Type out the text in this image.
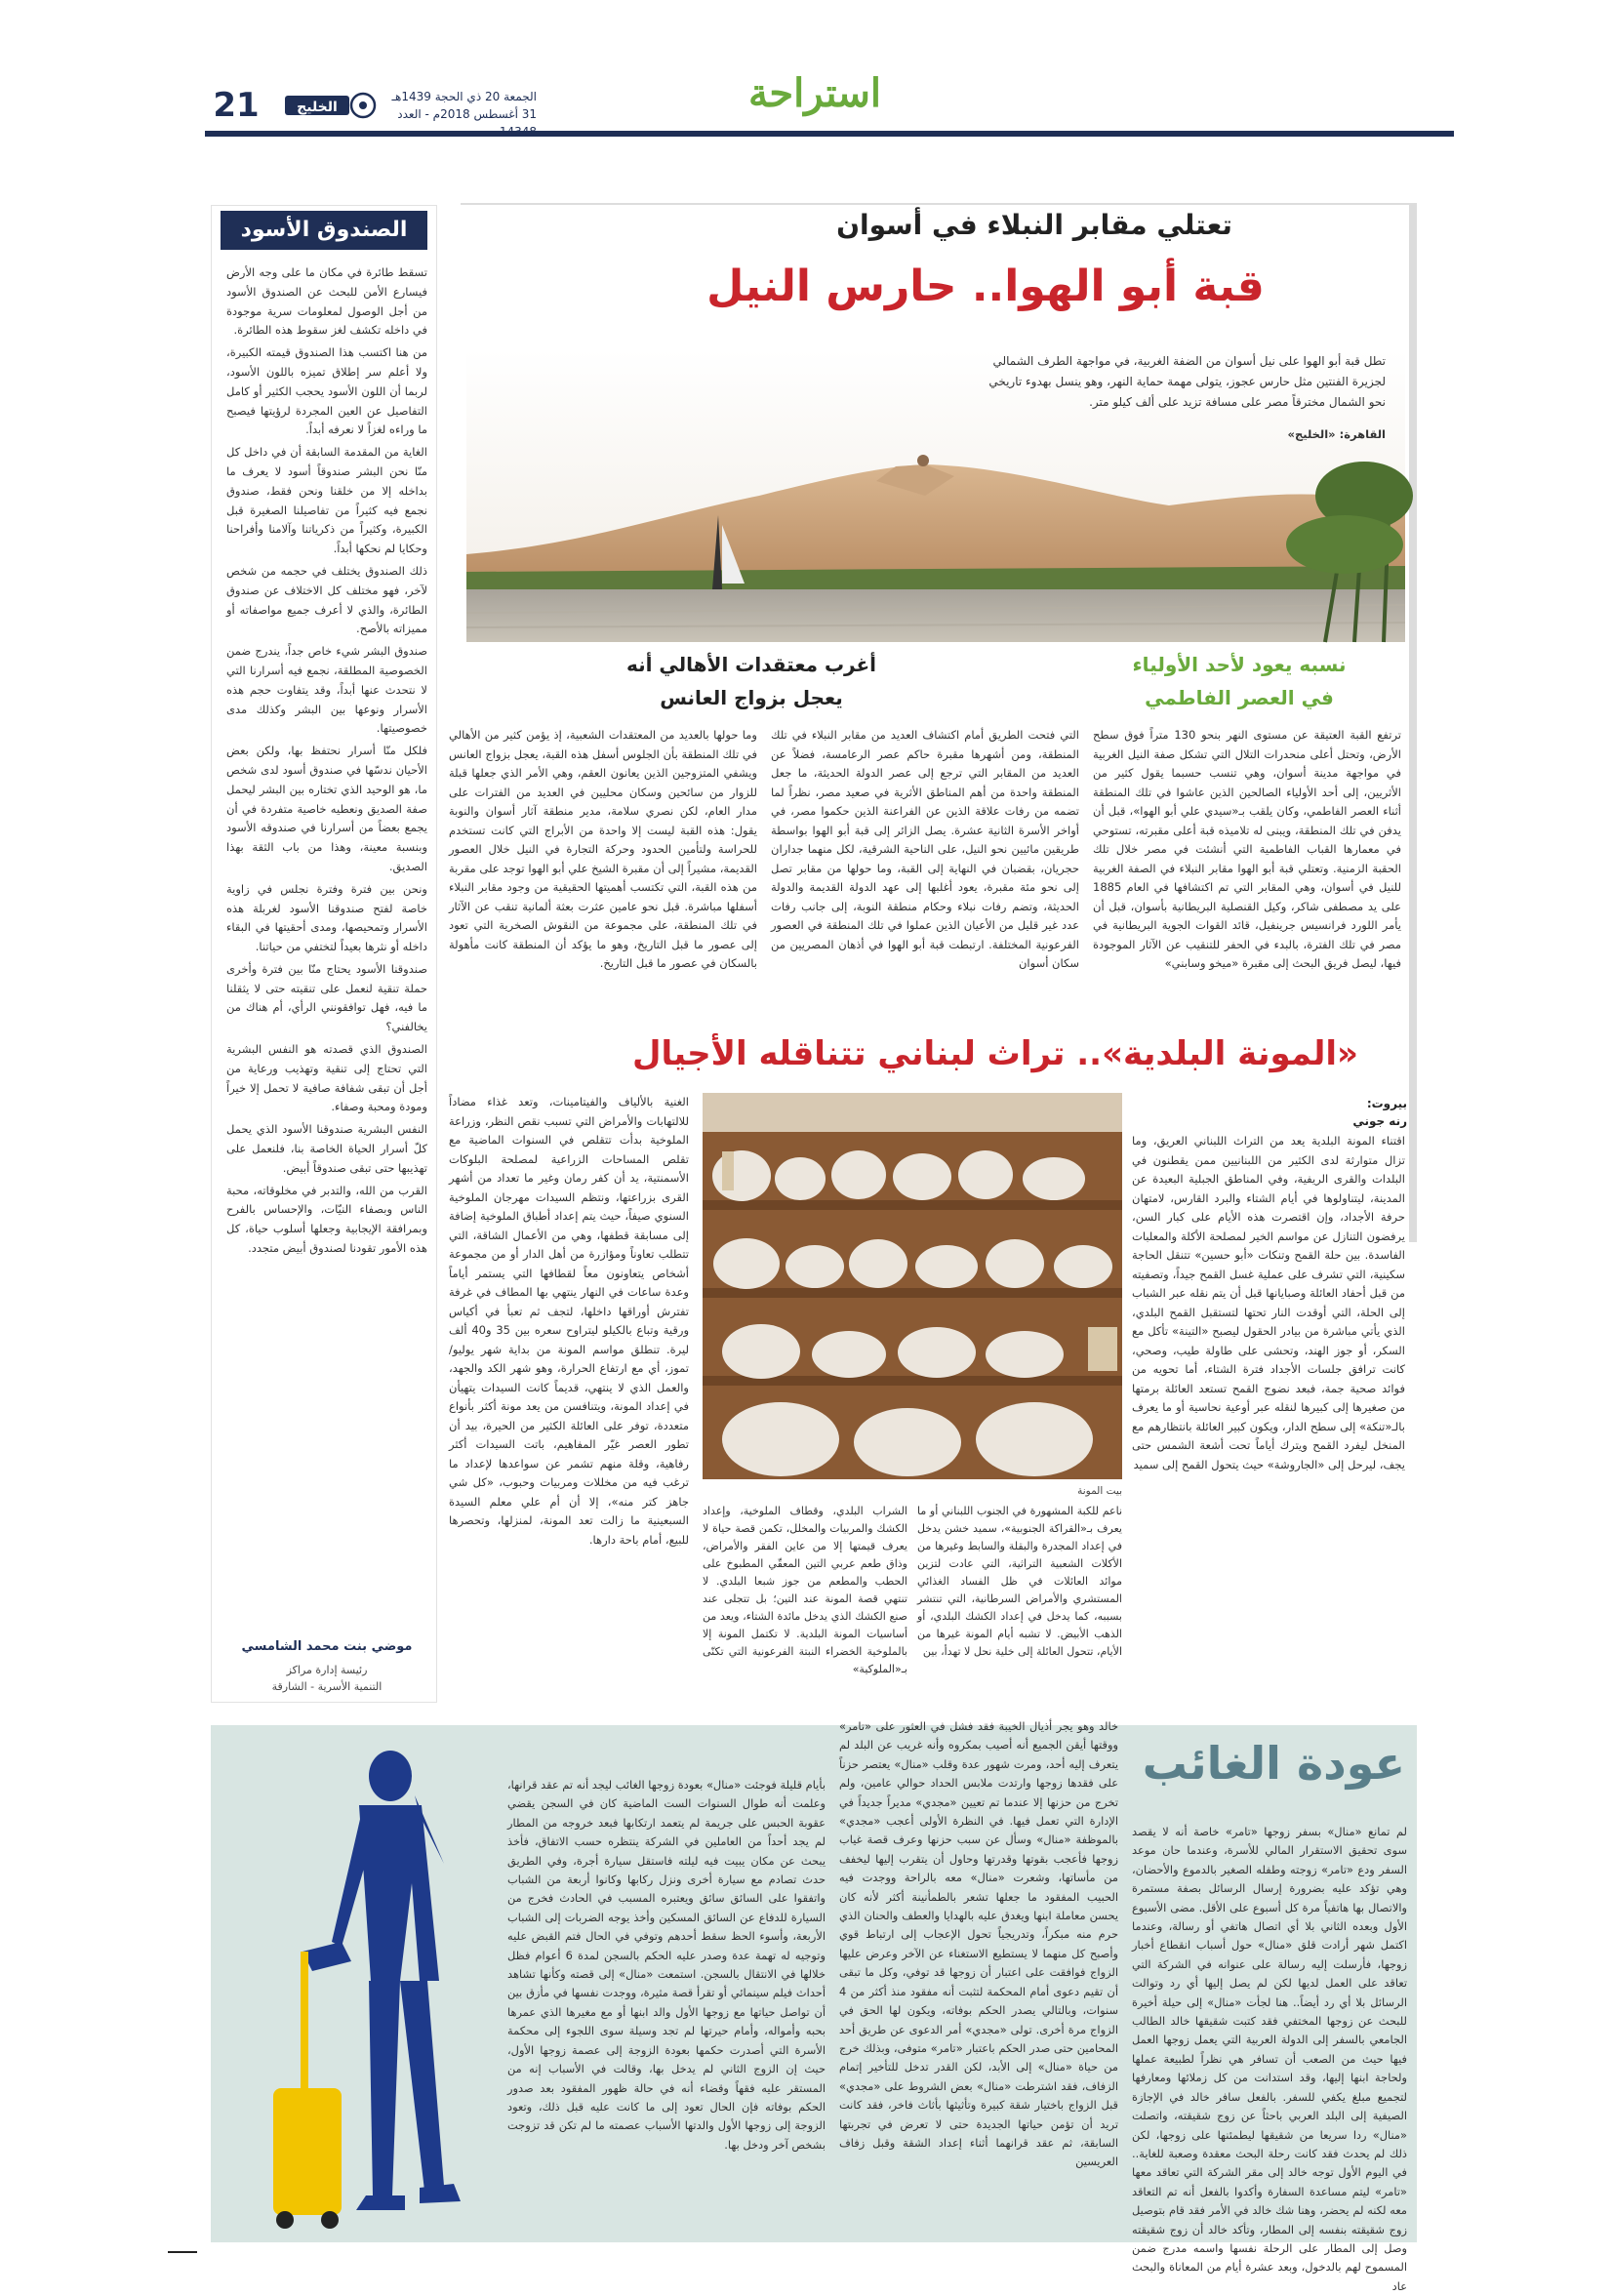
21	الخليج
الجمعة 20 ذي الحجة 1439هـ
31 أغسطس 2018م - العدد 14348
استراحة
الصندوق الأسود

تسقط طائرة في مكان ما على وجه الأرض فيسارع الأمن للبحث عن الصندوق الأسود من أجل الوصول لمعلومات سرية موجودة في داخله تكشف لغز سقوط هذه الطائرة.

من هنا اكتسب هذا الصندوق قيمته الكبيرة، ولا أعلم سر إطلاق تميزه باللون الأسود، لربما أن اللون الأسود يحجب الكثير أو كامل التفاصيل عن العين المجردة لرؤيتها فيصبح ما وراءه لغزاً لا نعرفه أبداً.

الغاية من المقدمة السابقة أن في داخل كل منّا نحن البشر صندوقاً أسود لا يعرف ما بداخله إلا من خلقنا ونحن فقط، صندوق نجمع فيه كثيراً من تفاصيلنا الصغيرة قبل الكبيرة، وكثيراً من ذكرياتنا وآلامنا وأفراحنا وحكايا لم نحكها أبداً.

ذلك الصندوق يختلف في حجمه من شخص لآخر، فهو مختلف كل الاختلاف عن صندوق الطائرة، والذي لا أعرف جميع مواصفاته أو مميزاته بالأصح.

صندوق البشر شيء خاص جداً، يندرج ضمن الخصوصية المطلقة، نجمع فيه أسرارنا التي لا نتحدث عنها أبداً، وقد يتفاوت حجم هذه الأسرار ونوعها بين البشر وكذلك مدى خصوصيتها.

فلكل منّا أسرار نحتفظ بها، ولكن بعض الأحيان ندسّها في صندوق أسود لدى شخص ما، هو الوحيد الذي تختاره بين البشر ليحمل صفة الصديق ونعطيه خاصية متفردة في أن يجمع بعضاً من أسرارنا في صندوقه الأسود وبنسبة معينة، وهذا من باب الثقة بهذا الصديق.

ونحن بين فترة وفترة نجلس في زاوية خاصة لفتح صندوقنا الأسود لغربلة هذه الأسرار وتمحيصها، ومدى أحقيتها في البقاء داخله أو نثرها بعيداً لتختفي من حياتنا.

صندوقنا الأسود يحتاج منّا بين فترة وأخرى حملة تنقية لنعمل على تنقيته حتى لا يثقلنا ما فيه، فهل توافقونني الرأي، أم هناك من يخالفني؟

الصندوق الذي قصدته هو النفس البشرية التي تحتاج إلى تنقية وتهذيب ورعاية من أجل أن تبقى شفافة صافية لا تحمل إلا خيراً ومودة ومحبة وصفاء.

النفس البشرية صندوقنا الأسود الذي يحمل كلّ أسرار الحياة الخاصة بنا، فلنعمل على تهذيبها حتى تبقى صندوقاً أبيض.

القرب من الله، والتدبر في مخلوقاته، محبة الناس وبصفاء النيّات، والإحساس بالفرح وبمرافقة الإيجابية وجعلها أسلوب حياة، كل هذه الأمور تقودنا لصندوق أبيض متجدد.

موضي بنت محمد الشامسي
رئيسة إدارة مراكز
التنمية الأسرية - الشارقة
تعتلي مقابر النبلاء في أسوان
قبة أبو الهوا.. حارس النيل
تطل قبة أبو الهوا على نيل أسوان من الضفة الغربية، في مواجهة الطرف الشمالي لجزيرة الفنتين مثل حارس عجوز، يتولى مهمة حماية النهر، وهو ينسل بهدوء تاريخي نحو الشمال مخترقاً مصر على مسافة تزيد على ألف كيلو متر.
القاهرة: «الخليج»
نسبه يعود لأحد الأولياء
في العصر الفاطمي
أغرب معتقدات الأهالي أنه
يعجل بزواج العانس
ترتفع القبة العتيقة عن مستوى النهر بنحو 130 متراً فوق سطح الأرض، وتحتل أعلى منحدرات التلال التي تشكل صفة النيل الغربية في مواجهة مدينة أسوان، وهي تنسب حسبما يقول كثير من الأثريين، إلى أحد الأولياء الصالحين الذين عاشوا في تلك المنطقة أثناء العصر الفاطمي، وكان يلقب بـ«سيدي علي أبو الهوا»، قبل أن يدفن في تلك المنطقة، ويبنى له تلاميذه قبة أعلى مقبرته، تستوحي في معمارها القباب الفاطمية التي أنشئت في مصر خلال تلك الحقبة الزمنية. وتعتلي قبة أبو الهوا مقابر النبلاء في الصفة الغربية للنيل في أسوان، وهي المقابر التي تم اكتشافها في العام 1885 على يد مصطفى شاكر، وكيل القنصلية البريطانية بأسوان، قبل أن يأمر اللورد فرانسيس جرينفيل، قائد القوات الجوية البريطانية في مصر في تلك الفترة، بالبدء في الحفر للتنقيب عن الآثار الموجودة فيها، ليصل فريق البحث إلى مقبرة «ميخو وسابني»
التي فتحت الطريق أمام اكتشاف العديد من مقابر النبلاء في تلك المنطقة، ومن أشهرها مقبرة حاكم عصر الرعامسة، فضلاً عن العديد من المقابر التي ترجع إلى عصر الدولة الحديثة، ما جعل المنطقة واحدة من أهم المناطق الأثرية في صعيد مصر، نظراً لما تضمه من رفات علاقة الذين عن الفراعنة الذين حكموا مصر، في أواخر الأسرة الثانية عشرة. يصل الزائر إلى قبة أبو الهوا بواسطة طريقين مائيين نحو النيل، على الناحية الشرقية، لكل منهما جداران حجريان، بقضبان في النهاية إلى القبة، وما حولها من مقابر تصل إلى نحو مئة مقبرة، يعود أغلبها إلى عهد الدولة القديمة والدولة الحديثة، وتضم رفات نبلاء وحكام منطقة النوبة، إلى جانب رفات عدد غير قليل من الأعيان الذين عملوا في تلك المنطقة في العصور الفرعونية المختلفة. ارتبطت قبة أبو الهوا في أذهان المصريين من سكان أسوان
وما حولها بالعديد من المعتقدات الشعبية، إذ يؤمن كثير من الأهالي في تلك المنطقة بأن الجلوس أسفل هذه القبة، يعجل بزواج العانس ويشفي المتزوجين الذين يعانون العقم، وهي الأمر الذي جعلها قبلة للزوار من سائحين وسكان محليين في العديد من الفترات على مدار العام، لكن نصري سلامة، مدير منطقة آثار أسوان والنوبة يقول: هذه القبة ليست إلا واحدة من الأبراج التي كانت تستخدم للحراسة ولتأمين الحدود وحركة التجارة في النيل خلال العصور القديمة، مشيراً إلى أن مقبرة الشيخ علي أبو الهوا توجد على مقربة من هذه القبة، التي تكتسب أهميتها الحقيقية من وجود مقابر النبلاء أسفلها مباشرة. قبل نحو عامين عثرت بعثة ألمانية تنقب عن الآثار في تلك المنطقة، على مجموعة من النقوش الصخرية التي تعود إلى عصور ما قبل التاريخ، وهو ما يؤكد أن المنطقة كانت مأهولة بالسكان في عصور ما قبل التاريخ.
«المونة البلدية».. تراث لبناني تتناقله الأجيال
بيروت:
رنه جوني
بيت المونة
اقتناء المونة البلدية يعد من التراث اللبناني العريق، وما تزال متوارثة لدى الكثير من اللبنانيين ممن يقطنون في البلدات والقرى الريفية، وفي المناطق الجبلية البعيدة عن المدينة، ليتناولوها في أيام الشتاء والبرد القارس، لامتهان حرفة الأجداد، وإن اقتصرت هذه الأيام على كبار السن، يرفضون التنازل عن مواسم الخير لمصلحة الأكلة والمعلبات الفاسدة. بين حلة القمح وتنكات «أبو حسين» تتنقل الحاجة سكينية، التي تشرف على عملية غسل القمح جيداً، وتصفيته من قبل أحفاد العائلة وصبايانها قبل أن يتم نقله عبر الشباب إلى الحلة، التي أوقدت النار تحتها لتستقبل القمح البلدي، الذي يأتي مباشرة من بيادر الحقول ليصبح «التينة» تأكل مع السكر، أو جوز الهند، وتحشى على طاولة طيب، وصحي، كانت ترافق جلسات الأجداد فترة الشتاء، أما تحويه من فوائد صحية جمة، فبعد نضوج القمح تستعد العائلة برمتها من صغيرها إلى كبيرها لنقله عبر أوعية نحاسية أو ما يعرف بالـ«تنكة» إلى سطح الدار، ويكون كبير العائلة بانتظارهم مع المنخل ليفرد القمح ويترك أياماً تحت أشعة الشمس حتى يجف، ليرحل إلى «الجاروشة» حيث يتحول القمح إلى سميد
ناعم للكبة المشهورة في الجنوب اللبناني أو ما يعرف بـ«القراكة الجنوبية»، سميد خشن يدخل في إعداد المجدرة والبقلة والسابط وغيرها من الأكلات الشعبية التراثية، التي عادت لتزين موائد العائلات في ظل الفساد الغذائي المستشري والأمراض السرطانية، التي تنتشر بسببه، كما يدخل في إعداد الكشك البلدي، أو الذهب الأبيض. لا تشبه أيام المونة غيرها من الأيام، تتحول العائلة إلى خلية نحل لا تهدأ، بين
الشراب البلدي، وقطاف الملوخية، وإعداد الكشك والمربيات والمخلل، تكمن قصة حياة لا يعرف قيمتها إلا من عاين الفقر والأمراض، وذاق طعم عربي التين المعقّي المطبوخ على الحطب والمطعم من جوز شبعا البلدي. لا تنتهي قصة المونة عند التين؛ بل تتجلى عند صنع الكشك الذي يدخل مائدة الشتاء، ويعد من أساسيات المونة البلدية. لا تكتمل المونة إلا بالملوخية الخضراء النبتة الفرعونية التي تكنّى بـ«الملوكية»
الغنية بالألياف والفيتامينات، وتعد غذاء مضاداً للالتهابات والأمراض التي تسبب نقص النظر، وزراعة الملوخية بدأت تتقلص في السنوات الماضية مع تقلص المساحات الزراعية لمصلحة البلوكات الأسمنتية، يد أن كفر رمان وغير ما تعداد من أشهر القرى بزراعتها، ونتظم السيدات مهرجان الملوخية السنوي صيفاً، حيث يتم إعداد أطباق الملوخية إضافة إلى مسابقة قطفها، وهي من الأعمال الشاقة، التي تتطلب تعاوناً ومؤازرة من أهل الدار أو من مجموعة أشخاص يتعاونون معاً لقطافها التي يستمر أياماً وعدة ساعات في النهار ينتهي بها المطاف في غرفة تفترش أوراقها داخلها، لتجف ثم تعبأ في أكياس ورقية وتباع بالكيلو ليتراوح سعره بين 35 و40 ألف ليرة. تنطلق مواسم المونة من بداية شهر يوليو/تموز، أي مع ارتفاع الحرارة، وهو شهر الكد والجهد، والعمل الذي لا ينتهي، قديماً كانت السيدات يتهيأن في إعداد المونة، ويتنافسن من يعد مونة أكثر بأنواع متعددة، توفر على العائلة الكثير من الحيرة، بيد أن تطور العصر غيّر المفاهيم، باتت السيدات أكثر رفاهية، وقلة منهم تشمر عن سواعدها لإعداد ما ترغب فيه من مخللات ومربيات وحبوب، «كل شي جاهز كتر منه»، إلا أن أم علي معلم السيدة السبعينية ما زالت تعد المونة، لمنزلها، وتحصرها للبيع، أمام باحة دارها.
عودة الغائب
لم تمانع «منال» بسفر زوجها «تامر» خاصة أنه لا يقصد سوى تحقيق الاستقرار المالي للأسرة، وعندما حان موعد السفر ودع «تامر» زوجته وطفله الصغير بالدموع والأحضان، وهي تؤكد عليه بضرورة إرسال الرسائل بصفة مستمرة والاتصال بها هاتفياً مرة كل أسبوع على الأقل. مضى الأسبوع الأول وبعده الثاني بلا أي اتصال هاتفي أو رسالة، وعندما اكتمل شهر أرادت قلق «منال» حول أسباب انقطاع أخبار زوجها، فأرسلت إليه رسالة على عنوانه في الشركة التي تعاقد على العمل لديها لكن لم يصل إليها أي رد وتوالت الرسائل بلا أي رد أيضاً.. هنا لجأت «منال» إلى حيلة أخيرة للبحث عن زوجها المختفي فقد كتبت شقيقها خالد الطالب الجامعي بالسفر إلى الدولة العربية التي يعمل زوجها العمل فيها حيث من الصعب أن تسافر هي نظراً لطبيعة عملها ولحاجة ابنها إليها، وقد استدانت من كل زملائها ومعارفها لتجميع مبلغ يكفي للسفر. بالفعل سافر خالد في الإجازة الصيفية إلى البلد العربي باحثاً عن زوج شقيقته، واتصلت «منال» ردا سريعا من شقيقها ليطمئنها على زوجها، لكن ذلك لم يحدث فقد كانت رحلة البحث معقدة وصعبة للغاية.. في اليوم الأول توجه خالد إلى مقر الشركة التي تعاقد معها «تامر» ليتم مساعدة السفارة وأكدوا بالفعل أنه تم التعاقد معه لكنه لم يحضر، وهنا شك خالد في الأمر فقد قام بتوصيل زوج شقيقته بنفسه إلى المطار، وتأكد خالد أن زوج شقيقته وصل إلى المطار على الرحلة نفسها واسمه مدرج ضمن المسموح لهم بالدخول، وبعد عشرة أيام من المعاناة والبحث عاد
خالد وهو يجر أذيال الخيبة فقد فشل في العثور على «تامر» ووقتها أيقن الجميع أنه أصيب بمكروه وأنه غريب عن البلد لم يتعرف إليه أحد، ومرت شهور عدة وقلب «منال» يعتصر حزناً على فقدها زوجها وارتدت ملابس الحداد حوالي عامين، ولم تخرج من حزنها إلا عندما تم تعيين «مجدي» مديراً جديداً في الإدارة التي تعمل فيها. في النظرة الأولى أعجب «مجدي» بالموظفة «منال» وسأل عن سبب حزنها وعرف قصة غياب زوجها فأعجب بقوتها وقدرتها وحاول أن يتقرب إليها ليخفف من مأساتها، وشعرت «منال» معه بالراحة ووجدت فيه الحبيب المفقود ما جعلها تشعر بالطمأنينة أكثر لأنه كان يحسن معاملة ابنها ويغدق عليه بالهدايا والعطف والحنان الذي حرم منه مبكراً، وتدريجياً تحول الإعجاب إلى ارتباط قوي وأصبح كل منهما لا يستطيع الاستغناء عن الآخر وعرض عليها الزواج فوافقت على اعتبار أن زوجها قد توفي، وكل ما تبقى أن تقيم دعوى أمام المحكمة لتثبت أنه مفقود منذ أكثر من 4 سنوات، وبالتالي يصدر الحكم بوفاته، ويكون لها الحق في الزواج مرة أخرى. تولى «مجدي» أمر الدعوى عن طريق أحد المحامين حتى صدر الحكم باعتبار «تامر» متوفى، وبذلك خرج من حياة «منال» إلى الأبد، لكن القدر تدخل للتأخير إتمام الزفاف، فقد اشترطت «منال» بعض الشروط على «مجدي» قبل الزواج باختيار شقة كبيرة وتأثيثها بأثاث فاخر، فقد كانت تريد أن تؤمن حياتها الجديدة حتى لا تعرض في تجربتها السابقة، ثم عقد قرانهما أثناء إعداد الشقة وقبل زفاف العريسين
بأيام قليلة فوجئت «منال» بعودة زوجها الغائب ليجد أنه تم عقد قرانها، وعلمت أنه طوال السنوات الست الماضية كان في السجن يقضي عقوبة الحبس على جريمة لم يتعمد ارتكابها فبعد خروجه من المطار لم يجد أحداً من العاملين في الشركة ينتظره حسب الاتفاق، فأخذ يبحث عن مكان يبيت فيه ليلته فاستقل سيارة أجرة، وفي الطريق حدث تصادم مع سيارة أخرى ونزل ركابها وكانوا أربعة من الشباب واتفقوا على السائق سائق ويعتبره المسبب في الحادث فخرج من السيارة للدفاع عن السائق المسكين وأخذ يوجه الضربات إلى الشباب الأربعة، وأسوء الحظ سقط أحدهم وتوفي في الحال فتم القبض عليه وتوجيه له تهمة عدة وصدر عليه الحكم بالسجن لمدة 6 أعوام فظل خلالها في الانتقال بالسجن. استمعت «منال» إلى قصته وكأنها تشاهد أحداث فيلم سينمائي أو تقرأ قصة مثيرة، ووجدت نفسها في مأزق بين أن تواصل حياتها مع زوجها الأول والد ابنها أو مع مغيرها الذي عمرها بحبه وأمواله، وأمام حيرتها لم تجد وسيلة سوى اللجوء إلى محكمة الأسرة التي أصدرت حكمها بعودة الزوجة إلى عصمة زوجها الأول، حيث إن الزوج الثاني لم يدخل بها، وقالت في الأسباب إنه من المستقر عليه فقهاً وقضاء أنه في حالة ظهور المفقود بعد صدور الحكم بوفاته فإن الحال تعود إلى ما كانت عليه قبل ذلك، وتعود الزوجة إلى زوجها الأول والدتها الأسباب عصمته ما لم تكن قد تزوجت بشخص آخر ودخل بها.
